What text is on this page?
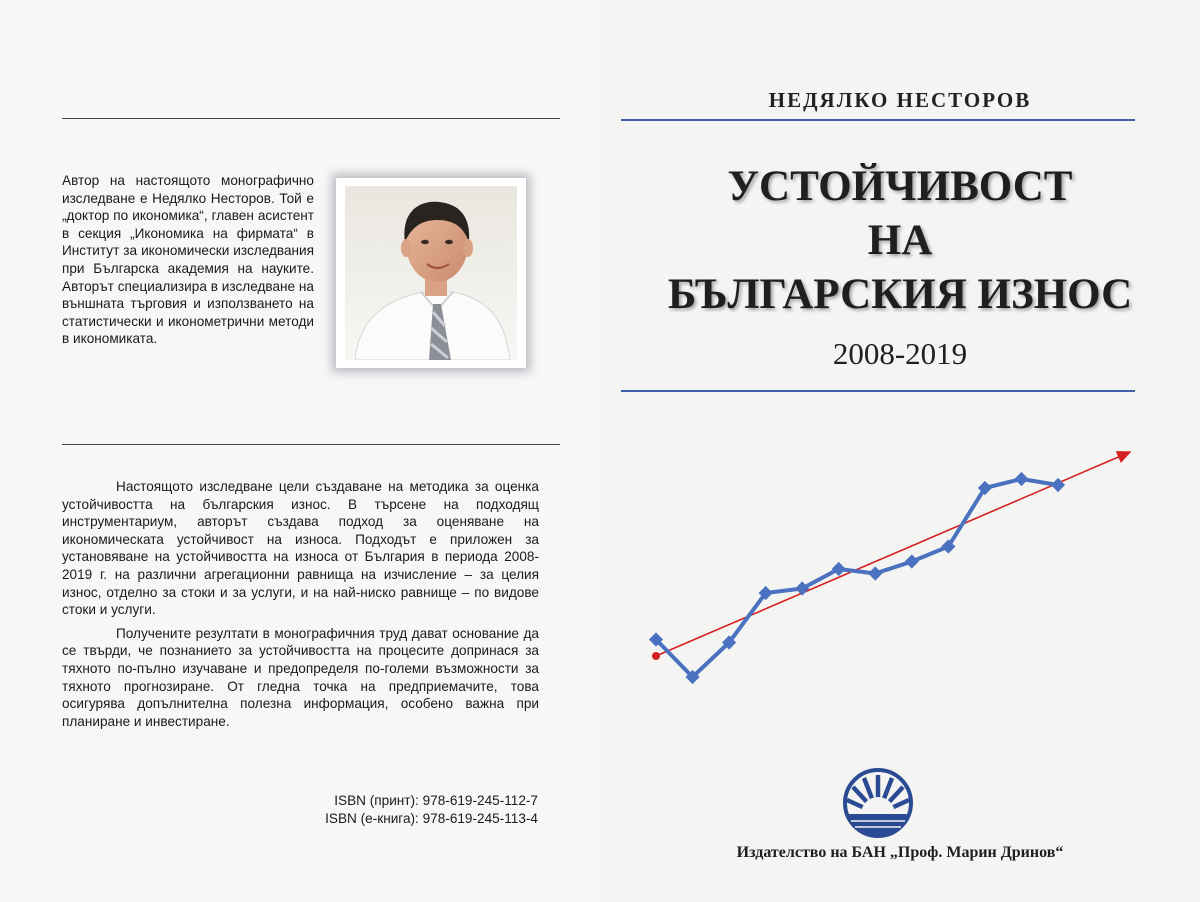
Автор на настоящото монографично изследване е Недялко Несторов. Той е „доктор по икономика“, главен асистент в секция „Икономика на фирмата“ в Институт за икономически изследвания при Българска академия на науките. Авторът специализира в изследване на външната търговия и използването на статистически и иконометрични методи в икономиката.

Настоящото изследване цели създаване на методика за оценка устойчивостта на българския износ. В търсене на подходящ инструментариум, авторът създава подход за оценяване на икономическата устойчивост на износа. Подходът е приложен за установяване на устойчивостта на износа от България в периода 2008-2019 г. на различни агрегационни равнища на изчисление – за целия износ, отделно за стоки и за услуги, и на най-ниско равнище – по видове стоки и услуги.

Получените резултати в монографичния труд дават основание да се твърди, че познанието за устойчивостта на процесите допринася за тяхното по-пълно изучаване и предопределя по-големи възможности за тяхното прогнозиране. От гледна точка на предприемачите, това осигурява допълнителна полезна информация, особено важна при планиране и инвестиране.

ISBN (принт): 978-619-245-112-7
ISBN (е-книга): 978-619-245-113-4
НЕДЯЛКО НЕСТОРОВ
УСТОЙЧИВОСТ
НА
БЪЛГАРСКИЯ ИЗНОС
2008-2019
Издателство на БАН „Проф. Марин Дринов“
